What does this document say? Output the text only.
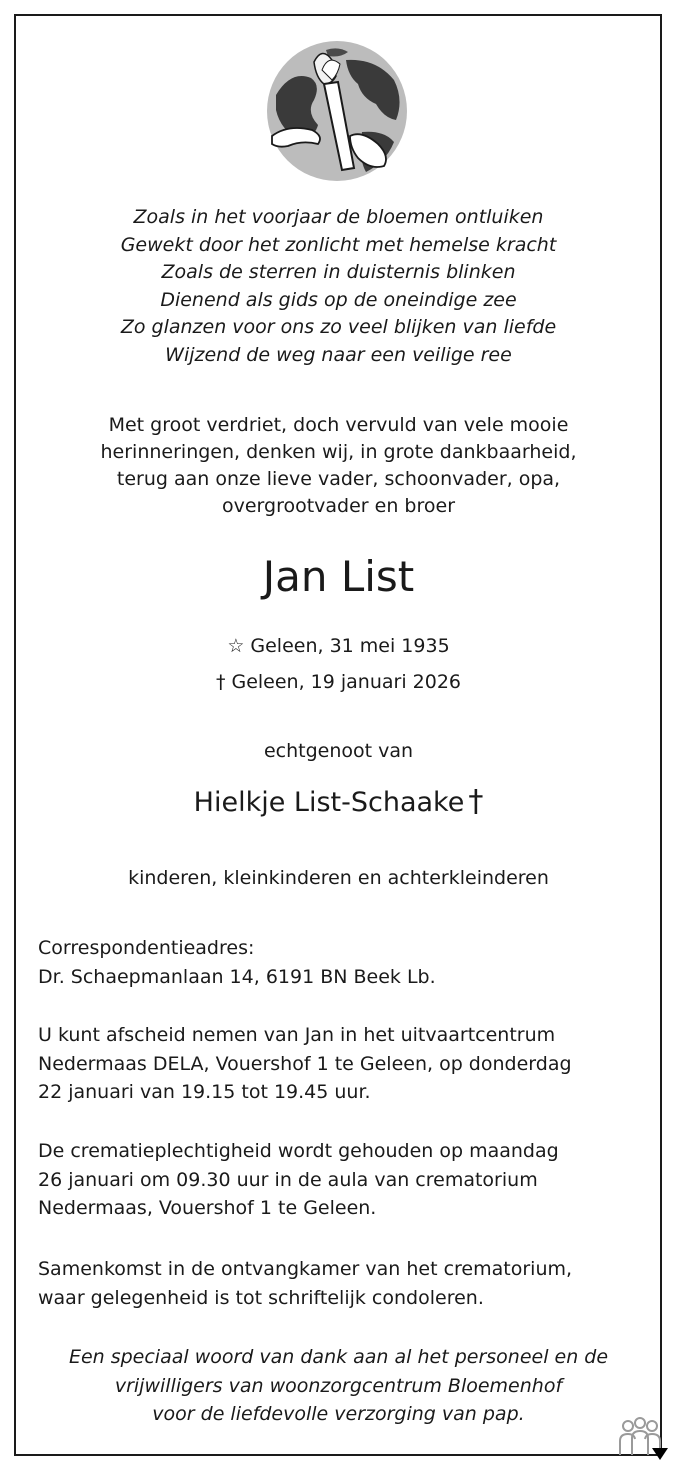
Zoals in het voorjaar de bloemen ontluiken
Gewekt door het zonlicht met hemelse kracht
Zoals de sterren in duisternis blinken
Dienend als gids op de oneindige zee
Zo glanzen voor ons zo veel blijken van liefde
Wijzend de weg naar een veilige ree
Met groot verdriet, doch vervuld van vele mooie
herinneringen, denken wij, in grote dankbaarheid,
terug aan onze lieve vader, schoonvader, opa,
overgrootvader en broer
Jan List
☆ Geleen, 31 mei 1935
† Geleen, 19 januari 2026
echtgenoot van
Hielkje List-Schaake †
kinderen, kleinkinderen en achterkleinderen
Correspondentieadres:
Dr. Schaepmanlaan 14, 6191 BN Beek Lb.
U kunt afscheid nemen van Jan in het uitvaartcentrum
Nedermaas DELA, Vouershof 1 te Geleen, op donderdag
22 januari van 19.15 tot 19.45 uur.
De crematieplechtigheid wordt gehouden op maandag
26 januari om 09.30 uur in de aula van crematorium
Nedermaas, Vouershof 1 te Geleen.
Samenkomst in de ontvangkamer van het crematorium,
waar gelegenheid is tot schriftelijk condoleren.
Een speciaal woord van dank aan al het personeel en de
vrijwilligers van woonzorgcentrum Bloemenhof
voor de liefdevolle verzorging van pap.
